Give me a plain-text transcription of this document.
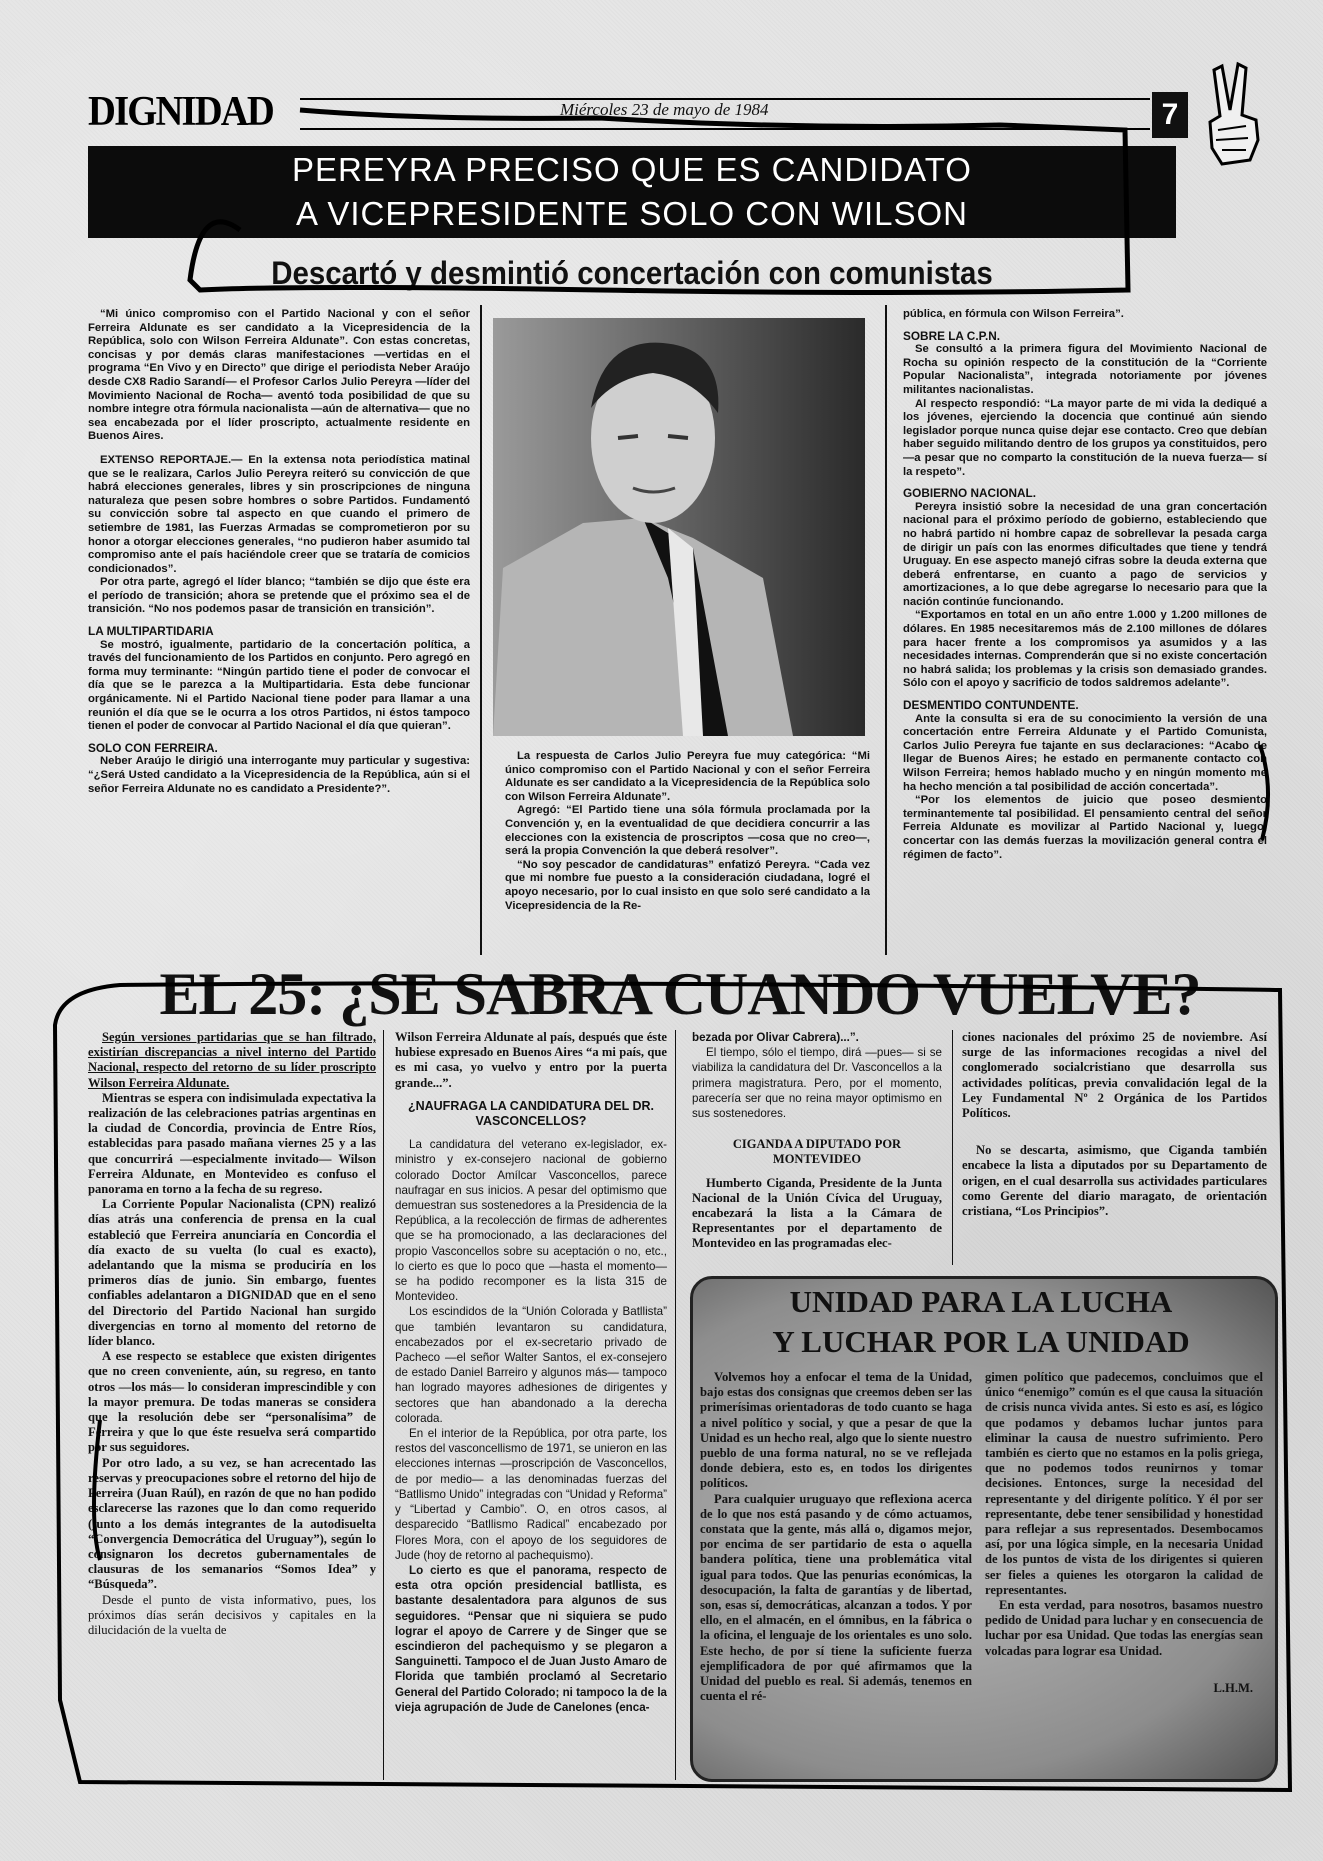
DIGNIDAD	Miércoles 23 de mayo de 1984	7
PEREYRA PRECISO QUE ES CANDIDATO
A VICEPRESIDENTE SOLO CON WILSON
Descartó y desmintió concertación con comunistas

“Mi único compromiso con el Partido Nacional y con el señor Ferreira Aldunate es ser candidato a la Vicepresidencia de la República, solo con Wilson Ferreira Aldunate”. Con estas concretas, concisas y por demás claras manifestaciones —vertidas en el programa “En Vivo y en Directo” que dirige el periodista Neber Araújo desde CX8 Radio Sarandí— el Profesor Carlos Julio Pereyra —líder del Movimiento Nacional de Rocha— aventó toda posibilidad de que su nombre integre otra fórmula nacionalista —aún de alternativa— que no sea encabezada por el líder proscripto, actualmente residente en Buenos Aires.

EXTENSO REPORTAJE.— En la extensa nota periodística matinal que se le realizara, Carlos Julio Pereyra reiteró su convicción de que habrá elecciones generales, libres y sin proscripciones de ninguna naturaleza que pesen sobre hombres o sobre Partidos. Fundamentó su convicción sobre tal aspecto en que cuando el primero de setiembre de 1981, las Fuerzas Armadas se comprometieron por su honor a otorgar elecciones generales, “no pudieron haber asumido tal compromiso ante el país haciéndole creer que se trataría de comicios condicionados”.

Por otra parte, agregó el líder blanco; “también se dijo que éste era el período de transición; ahora se pretende que el próximo sea el de transición. “No nos podemos pasar de transición en transición”.

LA MULTIPARTIDARIA

Se mostró, igualmente, partidario de la concertación política, a través del funcionamiento de los Partidos en conjunto. Pero agregó en forma muy terminante: “Ningún partido tiene el poder de convocar el día que se le parezca a la Multipartidaria. Esta debe funcionar orgánicamente. Ni el Partido Nacional tiene poder para llamar a una reunión el día que se le ocurra a los otros Partidos, ni éstos tampoco tienen el poder de convocar al Partido Nacional el día que quieran”.

SOLO CON FERREIRA.

Neber Araújo le dirigió una interrogante muy particular y sugestiva: “¿Será Usted candidato a la Vicepresidencia de la República, aún si el señor Ferreira Aldunate no es candidato a Presidente?”.

La respuesta de Carlos Julio Pereyra fue muy categórica: “Mi único compromiso con el Partido Nacional y con el señor Ferreira Aldunate es ser candidato a la Vicepresidencia de la República solo con Wilson Ferreira Aldunate”.

Agregó: “El Partido tiene una sóla fórmula proclamada por la Convención y, en la eventualidad de que decidiera concurrir a las elecciones con la existencia de proscriptos —cosa que no creo—, será la propia Convención la que deberá resolver”.

“No soy pescador de candidaturas” enfatizó Pereyra. “Cada vez que mi nombre fue puesto a la consideración ciudadana, logré el apoyo necesario, por lo cual insisto en que solo seré candidato a la Vicepresidencia de la Re-

pública, en fórmula con Wilson Ferreira”.

SOBRE LA C.P.N.

Se consultó a la primera figura del Movimiento Nacional de Rocha su opinión respecto de la constitución de la “Corriente Popular Nacionalista”, integrada notoriamente por jóvenes militantes nacionalistas.

Al respecto respondió: “La mayor parte de mi vida la dediqué a los jóvenes, ejerciendo la docencia que continué aún siendo legislador porque nunca quise dejar ese contacto. Creo que debían haber seguido militando dentro de los grupos ya constituidos, pero —a pesar que no comparto la constitución de la nueva fuerza— sí la respeto”.

GOBIERNO NACIONAL.

Pereyra insistió sobre la necesidad de una gran concertación nacional para el próximo período de gobierno, estableciendo que no habrá partido ni hombre capaz de sobrellevar la pesada carga de dirigir un país con las enormes dificultades que tiene y tendrá Uruguay. En ese aspecto manejó cifras sobre la deuda externa que deberá enfrentarse, en cuanto a pago de servicios y amortizaciones, a lo que debe agregarse lo necesario para que la nación continúe funcionando.

“Exportamos en total en un año entre 1.000 y 1.200 millones de dólares. En 1985 necesitaremos más de 2.100 millones de dólares para hacer frente a los compromisos ya asumidos y a las necesidades internas. Comprenderán que si no existe concertación no habrá salida; los problemas y la crisis son demasiado grandes. Sólo con el apoyo y sacrificio de todos saldremos adelante”.

DESMENTIDO CONTUNDENTE.

Ante la consulta si era de su conocimiento la versión de una concertación entre Ferreira Aldunate y el Partido Comunista, Carlos Julio Pereyra fue tajante en sus declaraciones: “Acabo de llegar de Buenos Aires; he estado en permanente contacto con Wilson Ferreira; hemos hablado mucho y en ningún momento me ha hecho mención a tal posibilidad de acción concertada”.

“Por los elementos de juicio que poseo desmiento terminantemente tal posibilidad. El pensamiento central del señor Ferreia Aldunate es movilizar al Partido Nacional y, luego, concertar con las demás fuerzas la movilización general contra el régimen de facto”.

EL 25: ¿SE SABRA CUANDO VUELVE?

Según versiones partidarias que se han filtrado, existirían discrepancias a nivel interno del Partido Nacional, respecto del retorno de su líder proscripto Wilson Ferreira Aldunate.

Mientras se espera con indisimulada expectativa la realización de las celebraciones patrias argentinas en la ciudad de Concordia, provincia de Entre Ríos, establecidas para pasado mañana viernes 25 y a las que concurrirá —especialmente invitado— Wilson Ferreira Aldunate, en Montevideo es confuso el panorama en torno a la fecha de su regreso.

La Corriente Popular Nacionalista (CPN) realizó días atrás una conferencia de prensa en la cual estableció que Ferreira anunciaría en Concordia el día exacto de su vuelta (lo cual es exacto), adelantando que la misma se produciría en los primeros días de junio. Sin embargo, fuentes confiables adelantaron a DIGNIDAD que en el seno del Directorio del Partido Nacional han surgido divergencias en torno al momento del retorno de líder blanco.

A ese respecto se establece que existen dirigentes que no creen conveniente, aún, su regreso, en tanto otros —los más— lo consideran imprescindible y con la mayor premura. De todas maneras se considera que la resolución debe ser “personalísima” de Ferreira y que lo que éste resuelva será compartido por sus seguidores.

Por otro lado, a su vez, se han acrecentado las reservas y preocupaciones sobre el retorno del hijo de Ferreira (Juan Raúl), en razón de que no han podido esclarecerse las razones que lo dan como requerido (junto a los demás integrantes de la autodisuelta “Convergencia Democrática del Uruguay”), según lo consignaron los decretos gubernamentales de clausuras de los semanarios “Somos Idea” y “Búsqueda”.

Desde el punto de vista informativo, pues, los próximos días serán decisivos y capitales en la dilucidación de la vuelta de

Wilson Ferreira Aldunate al país, después que éste hubiese expresado en Buenos Aires “a mi país, que es mi casa, yo vuelvo y entro por la puerta grande...”.

¿NAUFRAGA LA CANDIDATURA DEL DR. VASCONCELLOS?

La candidatura del veterano ex-legislador, ex-ministro y ex-consejero nacional de gobierno colorado Doctor Amílcar Vasconcellos, parece naufragar en sus inicios. A pesar del optimismo que demuestran sus sostenedores a la Presidencia de la República, a la recolección de firmas de adherentes que se ha promocionado, a las declaraciones del propio Vasconcellos sobre su aceptación o no, etc., lo cierto es que lo poco que —hasta el momento— se ha podido recomponer es la lista 315 de Montevideo.

Los escindidos de la “Unión Colorada y Batllista” que también levantaron su candidatura, encabezados por el ex-secretario privado de Pacheco —el señor Walter Santos, el ex-consejero de estado Daniel Barreiro y algunos más— tampoco han logrado mayores adhesiones de dirigentes y sectores que han abandonado a la derecha colorada.

En el interior de la República, por otra parte, los restos del vasconcellismo de 1971, se unieron en las elecciones internas —proscripción de Vasconcellos, de por medio— a las denominadas fuerzas del “Batllismo Unido” integradas con “Unidad y Reforma” y “Libertad y Cambio”. O, en otros casos, al desparecido “Batllismo Radical” encabezado por Flores Mora, con el apoyo de los seguidores de Jude (hoy de retorno al pachequismo).

Lo cierto es que el panorama, respecto de esta otra opción presidencial batllista, es bastante desalentadora para algunos de sus seguidores. “Pensar que ni siquiera se pudo lograr el apoyo de Carrere y de Singer que se escindieron del pachequismo y se plegaron a Sanguinetti. Tampoco el de Juan Justo Amaro de Florida que también proclamó al Secretario General del Partido Colorado; ni tampoco la de la vieja agrupación de Jude de Canelones (enca-

bezada por Olivar Cabrera)...”.

El tiempo, sólo el tiempo, dirá —pues— si se viabiliza la candidatura del Dr. Vasconcellos a la primera magistratura. Pero, por el momento, parecería ser que no reina mayor optimismo en sus sostenedores.

CIGANDA A DIPUTADO POR MONTEVIDEO

Humberto Ciganda, Presidente de la Junta Nacional de la Unión Cívica del Uruguay, encabezará la lista a la Cámara de Representantes por el departamento de Montevideo en las programadas elec-

ciones nacionales del próximo 25 de noviembre. Así surge de las informaciones recogidas a nivel del conglomerado socialcristiano que desarrolla sus actividades políticas, previa convalidación legal de la Ley Fundamental Nº 2 Orgánica de los Partidos Políticos.

No se descarta, asimismo, que Ciganda también encabece la lista a diputados por su Departamento de origen, en el cual desarrolla sus actividades particulares como Gerente del diario maragato, de orientación cristiana, “Los Principios”.

UNIDAD PARA LA LUCHA
Y LUCHAR POR LA UNIDAD

Volvemos hoy a enfocar el tema de la Unidad, bajo estas dos consignas que creemos deben ser las primerísimas orientadoras de todo cuanto se haga a nivel político y social, y que a pesar de que la Unidad es un hecho real, algo que lo siente nuestro pueblo de una forma natural, no se ve reflejada donde debiera, esto es, en todos los dirigentes políticos.

Para cualquier uruguayo que reflexiona acerca de lo que nos está pasando y de cómo actuamos, constata que la gente, más allá o, digamos mejor, por encima de ser partidario de esta o aquella bandera política, tiene una problemática vital igual para todos. Que las penurias económicas, la desocupación, la falta de garantías y de libertad, son, esas sí, democráticas, alcanzan a todos. Y por ello, en el almacén, en el ómnibus, en la fábrica o la oficina, el lenguaje de los orientales es uno solo. Este hecho, de por sí tiene la suficiente fuerza ejemplificadora de por qué afirmamos que la Unidad del pueblo es real. Si además, tenemos en cuenta el ré-

gimen político que padecemos, concluimos que el único “enemigo” común es el que causa la situación de crisis nunca vivida antes. Si esto es así, es lógico que podamos y debamos luchar juntos para eliminar la causa de nuestro sufrimiento. Pero también es cierto que no estamos en la polis griega, que no podemos todos reunirnos y tomar decisiones. Entonces, surge la necesidad del representante y del dirigente político. Y él por ser representante, debe tener sensibilidad y honestidad para reflejar a sus representados. Desembocamos así, por una lógica simple, en la necesaria Unidad de los puntos de vista de los dirigentes si quieren ser fieles a quienes les otorgaron la calidad de representantes.

En esta verdad, para nosotros, basamos nuestro pedido de Unidad para luchar y en consecuencia de luchar por esa Unidad. Que todas las energías sean volcadas para lograr esa Unidad.

L.H.M.
